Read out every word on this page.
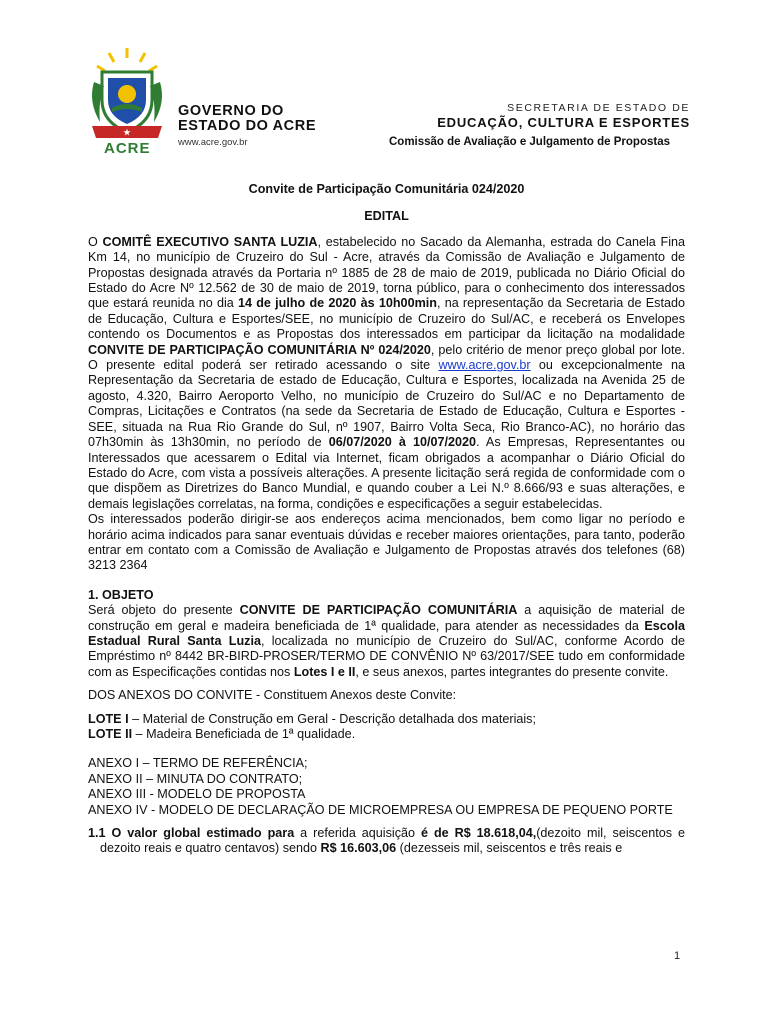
★
ACRE
GOVERNO DO
ESTADO DO ACRE
www.acre.gov.br
SECRETARIA DE ESTADO DE
EDUCAÇÃO, CULTURA E ESPORTES
Comissão de Avaliação e Julgamento de Propostas
Convite de Participação Comunitária 024/2020
EDITAL

O COMITÊ EXECUTIVO SANTA LUZIA, estabelecido no Sacado da Alemanha, estrada do Canela Fina Km 14, no município de Cruzeiro do Sul - Acre, através da Comissão de Avaliação e Julgamento de Propostas designada através da Portaria nº 1885 de 28 de maio de 2019, publicada no Diário Oficial do Estado do Acre Nº 12.562 de 30 de maio de 2019, torna público, para o conhecimento dos interessados que estará reunida no dia 14 de julho de 2020 às 10h00min, na representação da Secretaria de Estado de Educação, Cultura e Esportes/SEE, no município de Cruzeiro do Sul/AC, e receberá os Envelopes contendo os Documentos e as Propostas dos interessados em participar da licitação na modalidade CONVITE DE PARTICIPAÇÃO COMUNITÁRIA Nº 024/2020, pelo critério de menor preço global por lote. O presente edital poderá ser retirado acessando o site www.acre.gov.br ou excepcionalmente na Representação da Secretaria de estado de Educação, Cultura e Esportes, localizada na Avenida 25 de agosto, 4.320, Bairro Aeroporto Velho, no município de Cruzeiro do Sul/AC e no Departamento de Compras, Licitações e Contratos (na sede da Secretaria de Estado de Educação, Cultura e Esportes - SEE, situada na Rua Rio Grande do Sul, nº 1907, Bairro Volta Seca, Rio Branco-AC), no horário das 07h30min às 13h30min, no período de 06/07/2020 à 10/07/2020. As Empresas, Representantes ou Interessados que acessarem o Edital via Internet, ficam obrigados a acompanhar o Diário Oficial do Estado do Acre, com vista a possíveis alterações. A presente licitação será regida de conformidade com o que dispõem as Diretrizes do Banco Mundial, e quando couber a Lei N.º 8.666/93 e suas alterações, e demais legislações correlatas, na forma, condições e especificações a seguir estabelecidas.

Os interessados poderão dirigir-se aos endereços acima mencionados, bem como ligar no período e horário acima indicados para sanar eventuais dúvidas e receber maiores orientações, para tanto, poderão entrar em contato com a Comissão de Avaliação e Julgamento de Propostas através dos telefones (68) 3213 2364

1. OBJETO

Será objeto do presente CONVITE DE PARTICIPAÇÃO COMUNITÁRIA a aquisição de material de construção em geral e madeira beneficiada de 1ª qualidade, para atender as necessidades da Escola Estadual Rural Santa Luzia, localizada no município de Cruzeiro do Sul/AC, conforme Acordo de Empréstimo nº 8442 BR-BIRD-PROSER/TERMO DE CONVÊNIO Nº 63/2017/SEE tudo em conformidade com as Especificações contidas nos Lotes I e II, e seus anexos, partes integrantes do presente convite.

DOS ANEXOS DO CONVITE - Constituem Anexos deste Convite:

LOTE I – Material de Construção em Geral - Descrição detalhada dos materiais;

LOTE II – Madeira Beneficiada de 1ª qualidade.

ANEXO I – TERMO DE REFERÊNCIA;

ANEXO II – MINUTA DO CONTRATO;

ANEXO III - MODELO DE PROPOSTA

ANEXO IV - MODELO DE DECLARAÇÃO DE MICROEMPRESA OU EMPRESA DE PEQUENO PORTE

1.1 O valor global estimado para a referida aquisição é de R$ 18.618,04,(dezoito mil, seiscentos e dezoito reais e quatro centavos) sendo R$ 16.603,06 (dezesseis mil, seiscentos e três reais e

1
